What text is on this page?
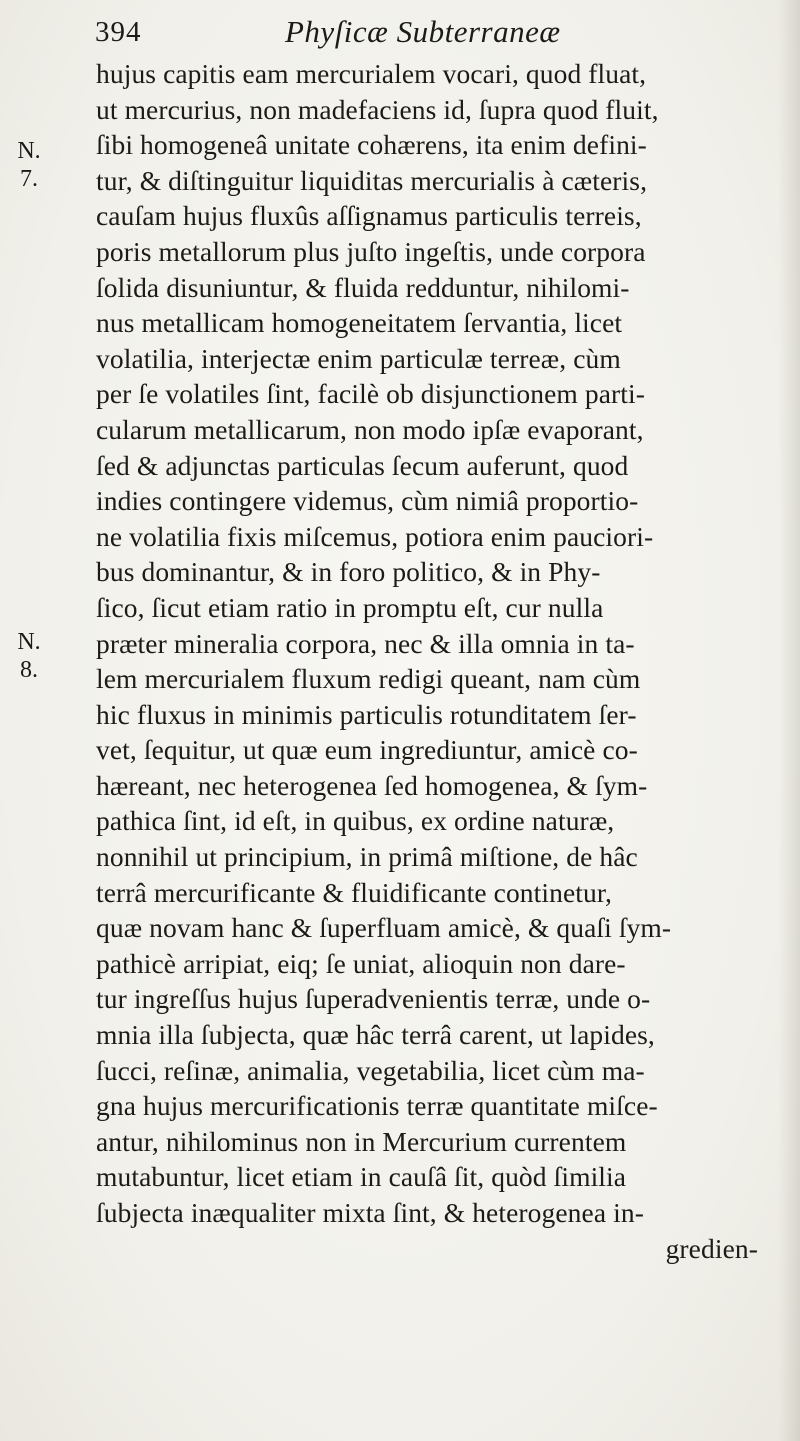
394	Phyſicæ Subterraneæ
N.
7.
N.
8.
hujus capitis eam mercurialem vocari, quod fluat,
ut mercurius, non madefaciens id, ſupra quod fluit,
ſibi homogeneâ unitate cohærens, ita enim defini-
tur, & diſtinguitur liquiditas mercurialis à cæteris,
cauſam hujus fluxûs aſſignamus particulis terreis,
poris metallorum plus juſto ingeſtis, unde corpora
ſolida disuniuntur, & fluida redduntur, nihilomi-
nus metallicam homogeneitatem ſervantia, licet
volatilia, interjectæ enim particulæ terreæ, cùm
per ſe volatiles ſint, facilè ob disjunctionem parti-
cularum metallicarum, non modo ipſæ evaporant,
ſed & adjunctas particulas ſecum auferunt, quod
indies contingere videmus, cùm nimiâ proportio-
ne volatilia fixis miſcemus, potiora enim pauciori-
bus dominantur, & in foro politico, & in Phy-
ſico, ſicut etiam ratio in promptu eſt, cur nulla
præter mineralia corpora, nec & illa omnia in ta-
lem mercurialem fluxum redigi queant, nam cùm
hic fluxus in minimis particulis rotunditatem ſer-
vet, ſequitur, ut quæ eum ingrediuntur, amicè co-
hæreant, nec heterogenea ſed homogenea, & ſym-
pathica ſint, id eſt, in quibus, ex ordine naturæ,
nonnihil ut principium, in primâ miſtione, de hâc
terrâ mercurificante & fluidificante continetur,
quæ novam hanc & ſuperfluam amicè, & quaſi ſym-
pathicè arripiat, eiq; ſe uniat, alioquin non dare-
tur ingreſſus hujus ſuperadvenientis terræ, unde o-
mnia illa ſubjecta, quæ hâc terrâ carent, ut lapides,
ſucci, reſinæ, animalia, vegetabilia, licet cùm ma-
gna hujus mercurificationis terræ quantitate miſce-
antur, nihilominus non in Mercurium currentem
mutabuntur, licet etiam in cauſâ ſit, quòd ſimilia
ſubjecta inæqualiter mixta ſint, & heterogenea in-
gredien-
